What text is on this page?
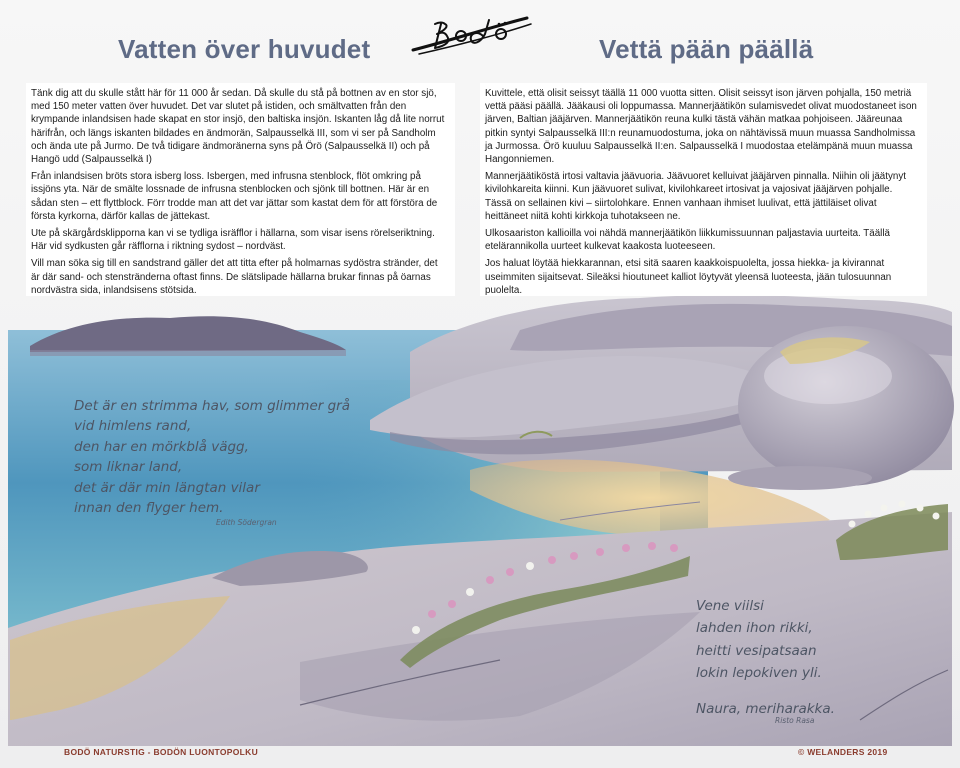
Vatten över huvudet	Vettä pään päällä

Tänk dig att du skulle stått här för 11 000 år sedan. Då skulle du stå på bottnen av en stor sjö, med 150 meter vatten över huvudet. Det var slutet på istiden, och smältvatten från den krympande inlandsisen hade skapat en stor insjö, den baltiska insjön. Iskanten låg då lite norrut härifrån, och längs iskanten bildades en ändmorän, Salpausselkä III, som vi ser på Sandholm och ända ute på Jurmo. De två tidigare ändmoränerna syns på Örö (Salpausselkä II) och på Hangö udd (Salpausselkä I)

Från inlandsisen bröts stora isberg loss. Isbergen, med infrusna stenblock, flöt omkring på issjöns yta. När de smälte lossnade de infrusna stenblocken och sjönk till bottnen. Här är en sådan sten – ett flyttblock. Förr trodde man att det var jättar som kastat dem för att förstöra de första kyrkorna, därför kallas de jättekast.

Ute på skärgårdsklipporna kan vi se tydliga isräfflor i hällarna, som visar isens rörelseriktning. Här vid sydkusten går räfflorna i riktning sydost – nordväst.

Vill man söka sig till en sandstrand gäller det att titta efter på holmarnas sydöstra stränder, det är där sand- och stenstränderna oftast finns. De slätslipade hällarna brukar finnas på öarnas nordvästra sida, inlandsisens stötsida.

Kuvittele, että olisit seissyt täällä 11 000 vuotta sitten. Olisit seissyt ison järven pohjalla, 150 metriä vettä pääsi päällä. Jääkausi oli loppumassa. Mannerjäätikön sulamisvedet olivat muodostaneet ison järven, Baltian jääjärven. Mannerjäätikön reuna kulki tästä vähän matkaa pohjoiseen. Jääreunaa pitkin syntyi Salpausselkä III:n reunamuodostuma, joka on nähtävissä muun muassa Sandholmissa ja Jurmossa. Örö kuuluu Salpausselkä II:en. Salpausselkä I muodostaa etelämpänä muun muassa Hangonniemen.

Mannerjäätiköstä irtosi valtavia jäävuoria. Jäävuoret kelluivat jääjärven pinnalla. Niihin oli jäätynyt kivilohkareita kiinni. Kun jäävuoret sulivat, kivilohkareet irtosivat ja vajosivat jääjärven pohjalle. Tässä on sellainen kivi – siirtolohkare. Ennen vanhaan ihmiset luulivat, että jättiläiset olivat heittäneet niitä kohti kirkkoja tuhotakseen ne.

Ulkosaariston kallioilla voi nähdä mannerjäätikön liikkumissuunnan paljastavia uurteita. Täällä etelärannikolla uurteet kulkevat kaakosta luoteeseen.

Jos haluat löytää hiekkarannan, etsi sitä saaren kaakkoispuolelta, jossa hiekka- ja kivirannat useimmiten sijaitsevat. Sileäksi hioutuneet kalliot löytyvät yleensä luoteesta, jään tulosuunnan puolelta.

Det är en strimma hav, som glimmer grå
vid himlens rand,
den har en mörkblå vägg,
som liknar land,
det är där min längtan vilar
innan den flyger hem.
Edith Södergran
Vene viilsi
lahden ihon rikki,
heitti vesipatsaan
lokin lepokiven yli.
Naura, meriharakka.
Risto Rasa
BODÖ NATURSTIG - BODÖN LUONTOPOLKU	© WELANDERS 2019
